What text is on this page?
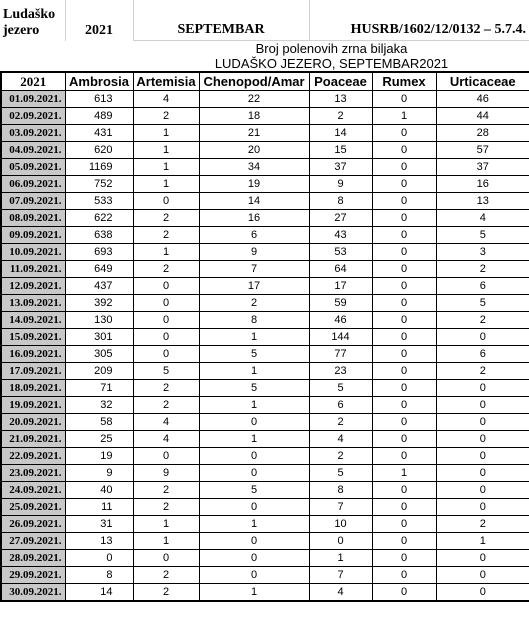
Ludaško
jezero	2021	SEPTEMBAR		HUSRB/1602/12/0132 – 5.7.4.		
		Broj polenovih zrna biljaka				
		LUDAŠKO JEZERO, SEPTEMBAR2021				
2021	Ambrosia	Artemisia	Chenopod/Amar	Poaceae	Rumex	Urticaceae
01.09.2021.	613	4	22	13	0	46
02.09.2021.	489	2	18	2	1	44
03.09.2021.	431	1	21	14	0	28
04.09.2021.	620	1	20	15	0	57
05.09.2021.	1169	1	34	37	0	37
06.09.2021.	752	1	19	9	0	16
07.09.2021.	533	0	14	8	0	13
08.09.2021.	622	2	16	27	0	4
09.09.2021.	638	2	6	43	0	5
10.09.2021.	693	1	9	53	0	3
11.09.2021.	649	2	7	64	0	2
12.09.2021.	437	0	17	17	0	6
13.09.2021.	392	0	2	59	0	5
14.09.2021.	130	0	8	46	0	2
15.09.2021.	301	0	1	144	0	0
16.09.2021.	305	0	5	77	0	6
17.09.2021.	209	5	1	23	0	2
18.09.2021.	71	2	5	5	0	0
19.09.2021.	32	2	1	6	0	0
20.09.2021.	58	4	0	2	0	0
21.09.2021.	25	4	1	4	0	0
22.09.2021.	19	0	0	2	0	0
23.09.2021.	9	9	0	5	1	0
24.09.2021.	40	2	5	8	0	0
25.09.2021.	11	2	0	7	0	0
26.09.2021.	31	1	1	10	0	2
27.09.2021.	13	1	0	0	0	1
28.09.2021.	0	0	0	1	0	0
29.09.2021.	8	2	0	7	0	0
30.09.2021.	14	2	1	4	0	0
